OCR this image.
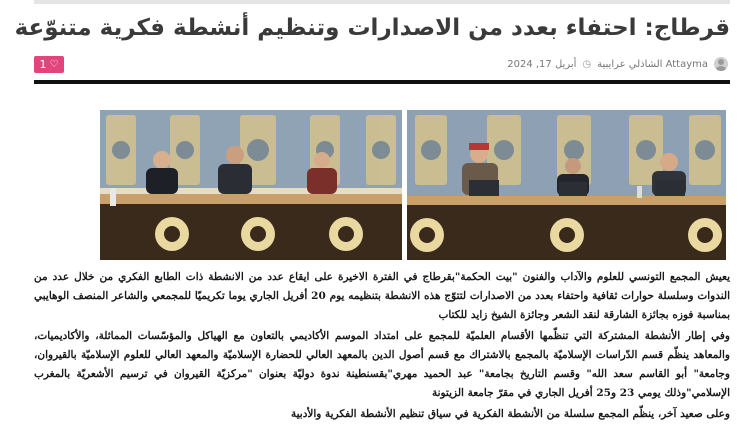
قرطاج: احتفاء بعدد من الاصدارات وتنظيم أنشطة فكرية متنوّعة
1 ♡	Attayma الشاذلي عرايبية
◷
أبريل 17, 2024

يعيش المجمع التونسي للعلوم والآداب والفنون "بيت الحكمة"بقرطاج في الفترة الاخيرة على ايقاع عدد من الانشطة ذات الطابع الفكري من خلال عدد من الندوات وسلسلة حوارات ثقافية واحتفاء بعدد من الاصدارات لتتوّج هذه الانشطة بتنظيمه يوم 20 أفريل الجاري يوما تكريميّا للمجمعي والشاعر المنصف الوهايبي بمناسبة فوزه بجائزة الشارقة لنقد الشعر وجائزة الشيخ زايد للكتاب

وفي إطار الأنشطة المشتركة التي تنظّمها الأقسام العلميّة للمجمع على امتداد الموسم الأكاديمي بالتعاون مع الهياكل والمؤسّسات المماثلة، والأكاديميات، والمعاهد ينظّم قسم الدّراسات الإسلاميّة بالمجمع بالاشتراك مع قسم أصول الدين بالمعهد العالي للحضارة الإسلاميّة والمعهد العالي للعلوم الإسلاميّة بالقيروان، وجامعة" أبو القاسم سعد الله" وقسم التاريخ بجامعة" عبد الحميد مهري"بقسنطينة ندوة دوليّة بعنوان "مركزيّة القيروان في ترسيم الأشعريّة بالمغرب الإسلامي"وذلك يومي 23 و25 أفريل الجاري في مقرّ جامعة الزيتونة

وعلى صعيد آخر، ينظّم المجمع سلسلة من الأنشطة الفكرية في سياق تنظيم الأنشطة الفكرية والأدبية
